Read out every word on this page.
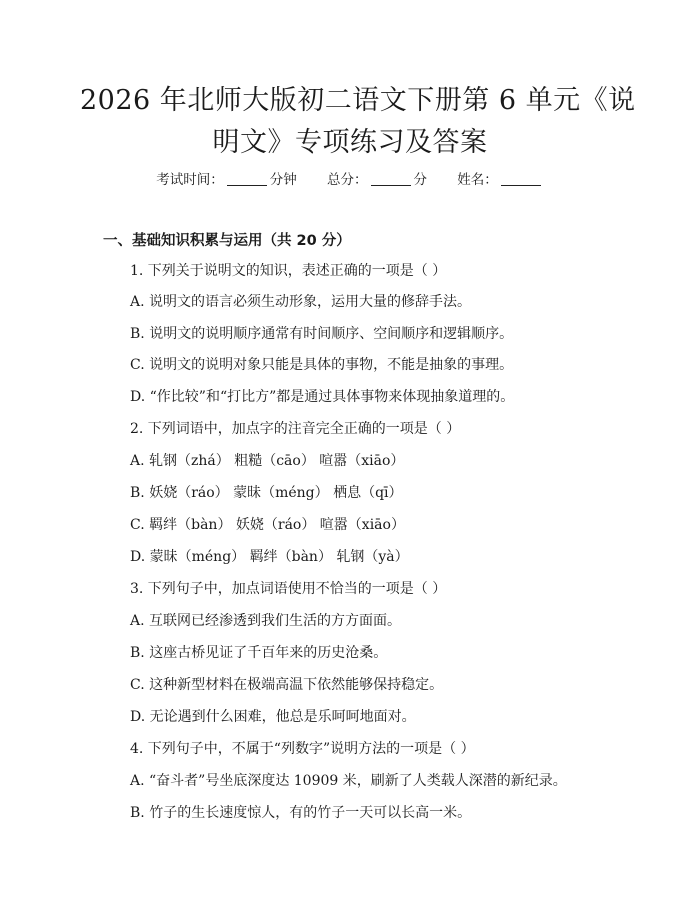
2026 年北师大版初二语文下册第 6 单元《说
明文》专项练习及答案
考试时间：	分钟 总分：	分 姓名：
一、基础知识积累与运用（共 20 分）
1. 下列关于说明文的知识，表述正确的一项是（ ）
A. 说明文的语言必须生动形象，运用大量的修辞手法。
B. 说明文的说明顺序通常有时间顺序、空间顺序和逻辑顺序。
C. 说明文的说明对象只能是具体的事物，不能是抽象的事理。
D. “作比较”和“打比方”都是通过具体事物来体现抽象道理的。
2. 下列词语中，加点字的注音完全正确的一项是（ ）
A. 轧钢（zhá） 粗糙（cāo） 喧嚣（xiāo）
B. 妖娆（ráo） 蒙昧（méng） 栖息（qī）
C. 羁绊（bàn） 妖娆（ráo） 喧嚣（xiāo）
D. 蒙昧（méng） 羁绊（bàn） 轧钢（yà）
3. 下列句子中，加点词语使用不恰当的一项是（ ）
A. 互联网已经渗透到我们生活的方方面面。
B. 这座古桥见证了千百年来的历史沧桑。
C. 这种新型材料在极端高温下依然能够保持稳定。
D. 无论遇到什么困难，他总是乐呵呵地面对。
4. 下列句子中，不属于“列数字”说明方法的一项是（ ）
A. “奋斗者”号坐底深度达 10909 米，刷新了人类载人深潜的新纪录。
B. 竹子的生长速度惊人，有的竹子一天可以长高一米。
